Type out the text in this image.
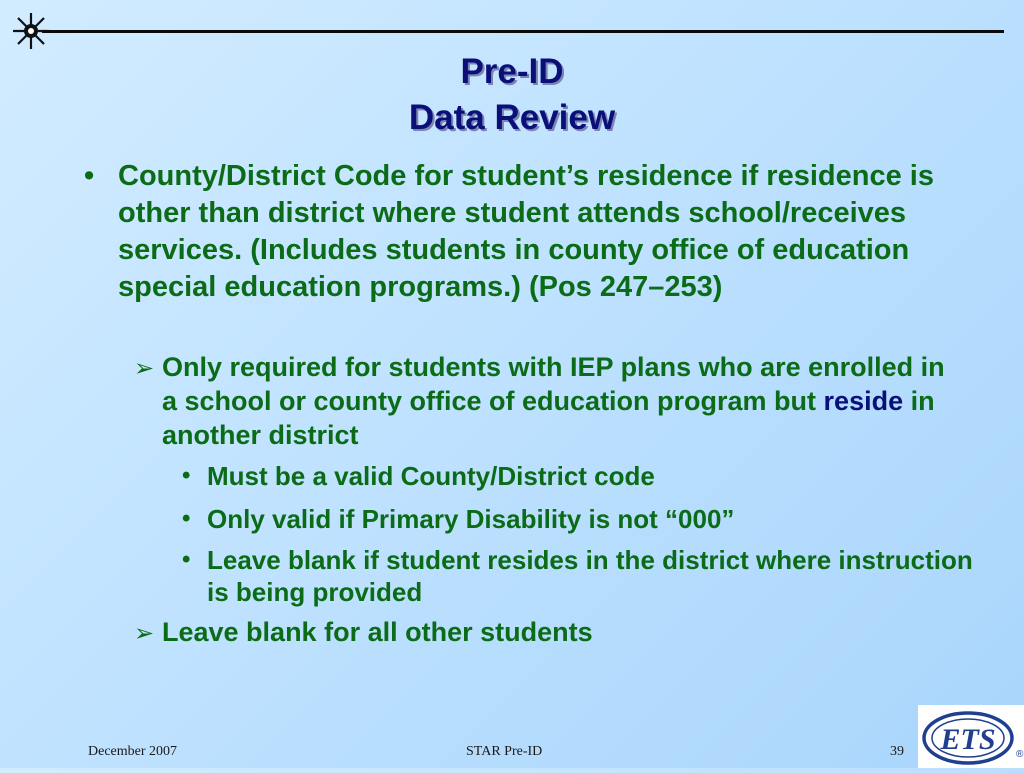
Pre-ID
Data Review
• County/District Code for student’s residence if residence is other than district where student attends school/receives services. (Includes students in county office of education special education programs.) (Pos 247–253)
➢ Only required for students with IEP plans who are enrolled in a school or county office of education program but reside in another district
• Must be a valid County/District code
• Only valid if Primary Disability is not “000”
• Leave blank if student resides in the district where instruction is being provided
➢ Leave blank for all other students
December 2007	STAR Pre-ID	39 ETS ®
